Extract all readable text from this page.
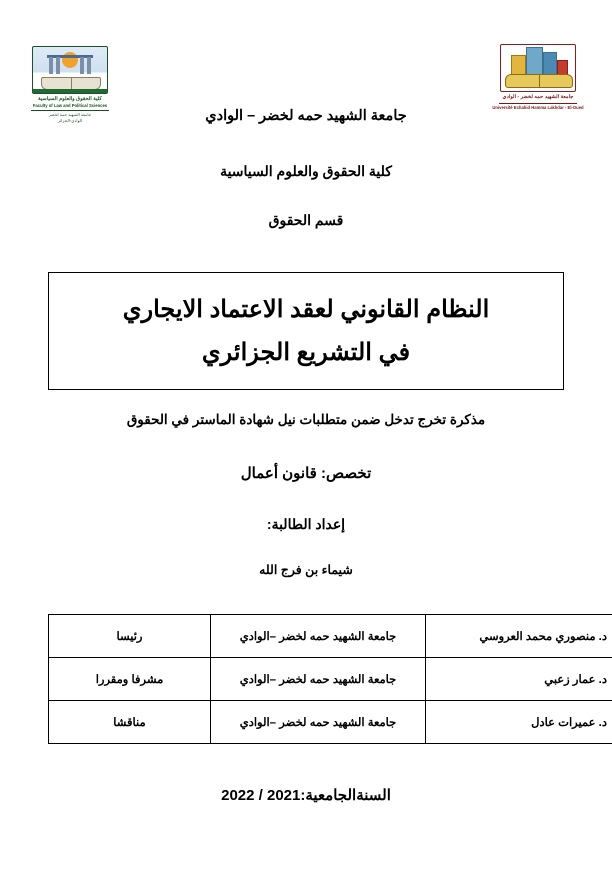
كلية الحقوق والعلوم السياسية
Faculty of Law and Political Sciences
جامعة الشهيد حمة لخضر
الوادي-الجزائر
جامعة الشهيد حمه لخضر - الوادي
Université Echahid Hamma Lakhdar - El-Oued
جامعة الشهيد حمه لخضر – الوادي
كلية الحقوق والعلوم السياسية
قسم الحقوق
النظام القانوني لعقد الاعتماد الايجاري
في التشريع الجزائري
مذكرة تخرج تدخل ضمن متطلبات نيل شهادة الماستر في الحقوق
تخصص: قانون أعمال
إعداد الطالبة:
شيماء بن فرج الله
د. منصوري محمد العروسي	جامعة الشهيد حمه لخضر –الوادي	رئيسا
د. عمار زعبي	جامعة الشهيد حمه لخضر –الوادي	مشرفا ومقررا
د. عميرات عادل	جامعة الشهيد حمه لخضر –الوادي	مناقشا
السنةالجامعية:2021 / 2022
